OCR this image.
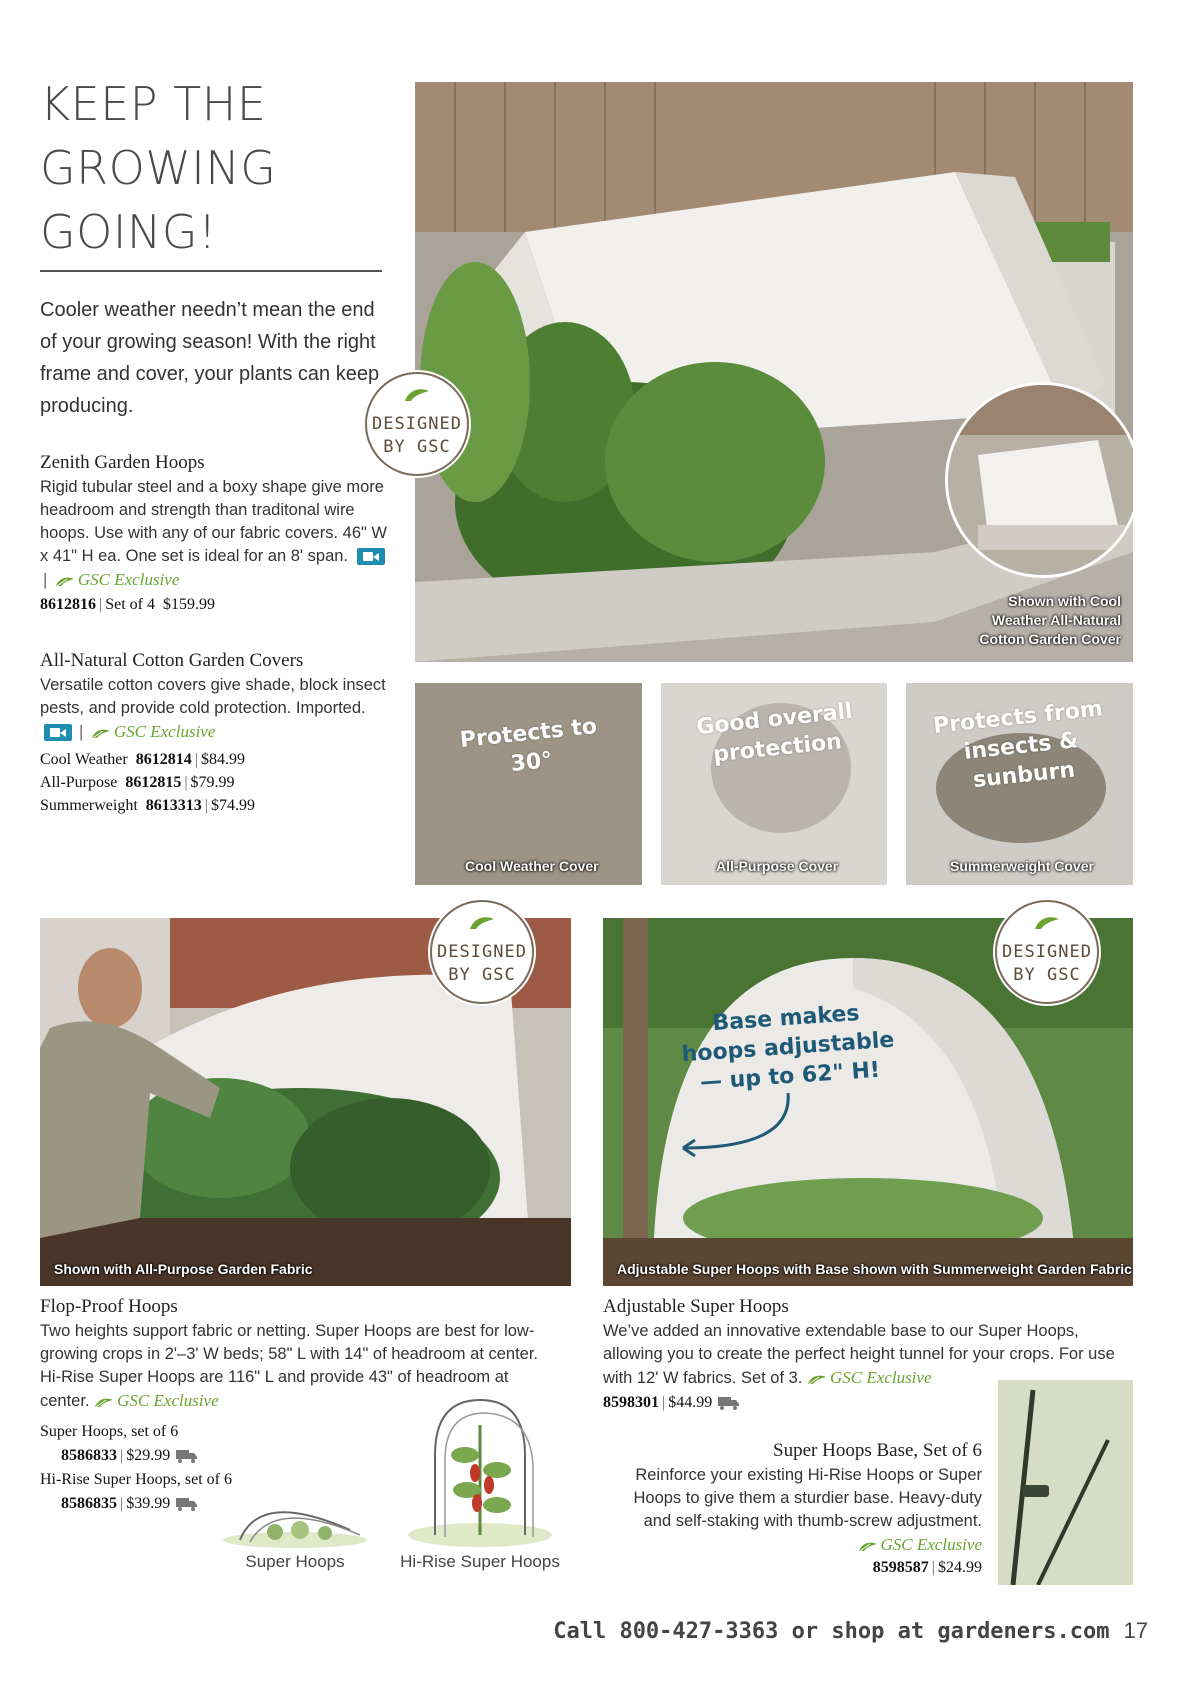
KEEP THE
GROWING
GOING!
Cooler weather needn’t mean the end of your growing season! With the right frame and cover, your plants can keep producing.
Zenith Garden Hoops
Rigid tubular steel and a boxy shape give more headroom and strength than traditonal wire hoops. Use with any of our fabric covers. 46" W x 41" H ea. One set is ideal for an 8' span. | GSC Exclusive
8612816 | Set of 4 $159.99
All-Natural Cotton Garden Covers
Versatile cotton covers give shade, block insect pests, and provide cold protection. Imported. | GSC Exclusive
Cool Weather 8612814 | $84.99
All-Purpose 8612815 | $79.99
Summerweight 8613313 | $74.99
Shown with Cool Weather All-Natural Cotton Garden Cover
DESIGNED
BY GSC
Protects to 30°
Cool Weather Cover
Good overall protection
All-Purpose Cover
Protects from insects & sunburn
Summerweight Cover
Shown with All-Purpose Garden Fabric
DESIGNED
BY GSC
Base makes hoops adjustable — up to 62" H!
Adjustable Super Hoops with Base shown with Summerweight Garden Fabric
DESIGNED
BY GSC
Flop-Proof Hoops
Two heights support fabric or netting. Super Hoops are best for low-growing crops in 2'–3' W beds; 58" L with 14" of headroom at center. Hi-Rise Super Hoops are 116" L and provide 43" of headroom at center. GSC Exclusive
Super Hoops, set of 6
8586833 | $29.99
Hi-Rise Super Hoops, set of 6
8586835 | $39.99
Super Hoops	Hi-Rise Super Hoops
Adjustable Super Hoops
We’ve added an innovative extendable base to our Super Hoops, allowing you to create the perfect height tunnel for your crops. For use with 12' W fabrics. Set of 3. GSC Exclusive
8598301 | $44.99
Super Hoops Base, Set of 6
Reinforce your existing Hi-Rise Hoops or Super Hoops to give them a sturdier base. Heavy-duty and self-staking with thumb-screw adjustment.
GSC Exclusive
8598587 | $24.99
Call 800-427-3363 or shop at gardeners.com 17
